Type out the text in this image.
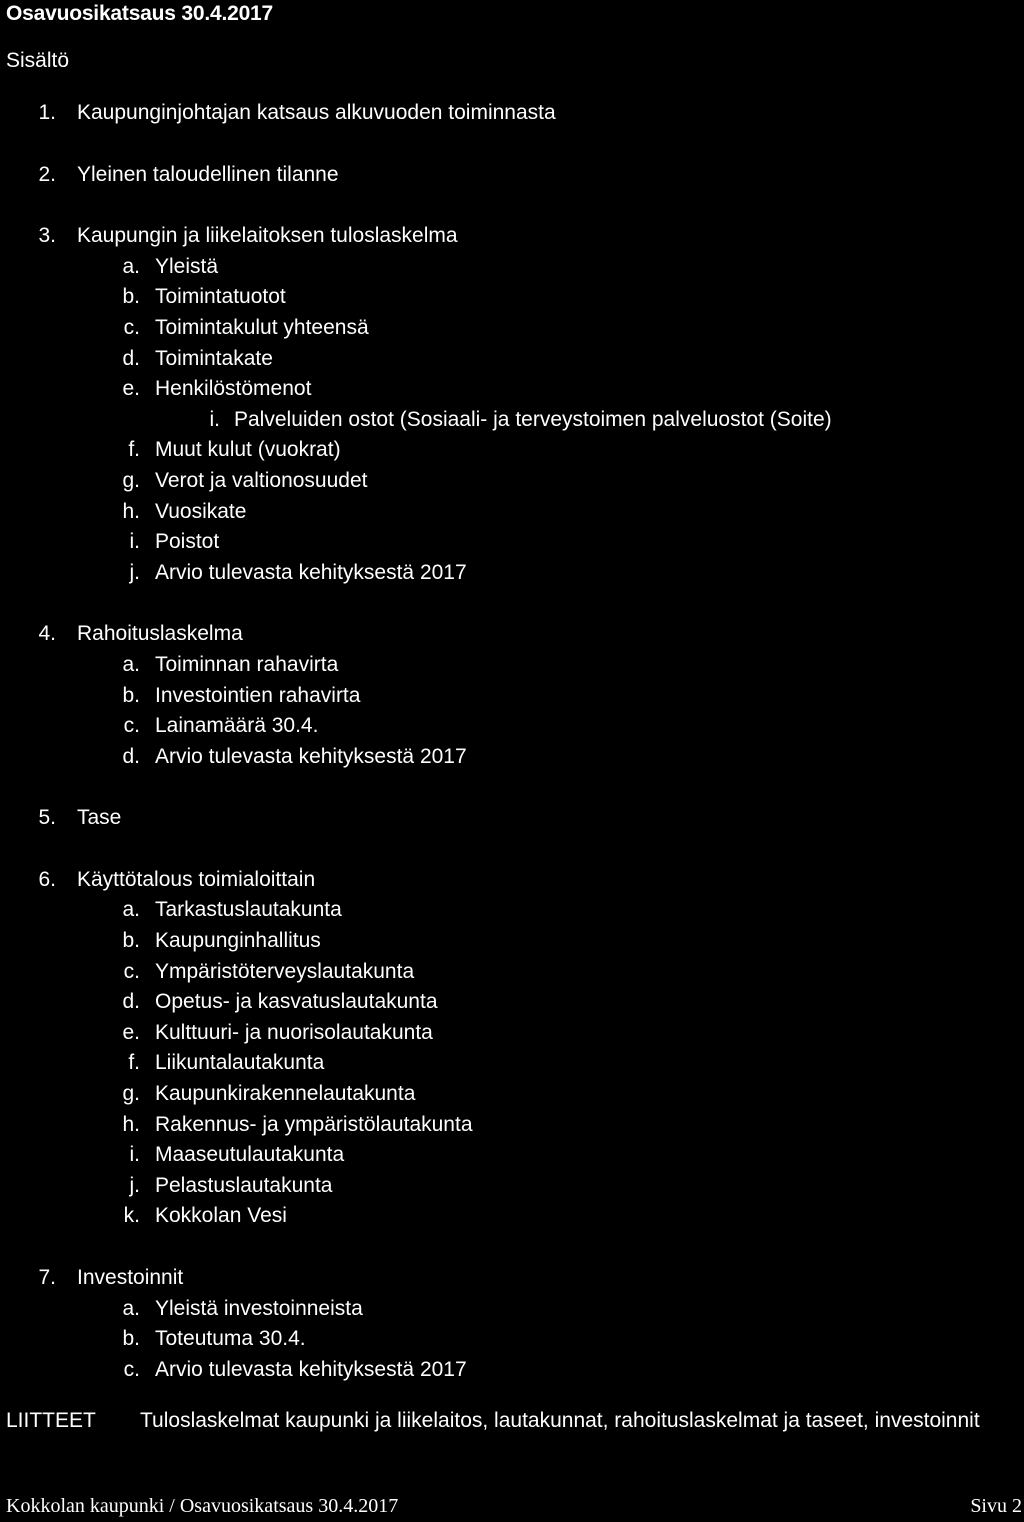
Osavuosikatsaus 30.4.2017
Sisältö
1. Kaupunginjohtajan katsaus alkuvuoden toiminnasta
2. Yleinen taloudellinen tilanne
3. Kaupungin ja liikelaitoksen tuloslaskelma
a. Yleistä
b. Toimintatuotot
c. Toimintakulut yhteensä
d. Toimintakate
e. Henkilöstömenot
i. Palveluiden ostot (Sosiaali- ja terveystoimen palveluostot (Soite)
f. Muut kulut (vuokrat)
g. Verot ja valtionosuudet
h. Vuosikate
i. Poistot
j. Arvio tulevasta kehityksestä 2017
4. Rahoituslaskelma
a. Toiminnan rahavirta
b. Investointien rahavirta
c. Lainamäärä 30.4.
d. Arvio tulevasta kehityksestä 2017
5. Tase
6. Käyttötalous toimialoittain
a. Tarkastuslautakunta
b. Kaupunginhallitus
c. Ympäristöterveyslautakunta
d. Opetus- ja kasvatuslautakunta
e. Kulttuuri- ja nuorisolautakunta
f. Liikuntalautakunta
g. Kaupunkirakennelautakunta
h. Rakennus- ja ympäristölautakunta
i. Maaseutulautakunta
j. Pelastuslautakunta
k. Kokkolan Vesi
7. Investoinnit
a. Yleistä investoinneista
b. Toteutuma 30.4.
c. Arvio tulevasta kehityksestä 2017
LIITTEET Tuloslaskelmat kaupunki ja liikelaitos, lautakunnat, rahoituslaskelmat ja taseet, investoinnit
Kokkolan kaupunki / Osavuosikatsaus 30.4.2017	Sivu 2
